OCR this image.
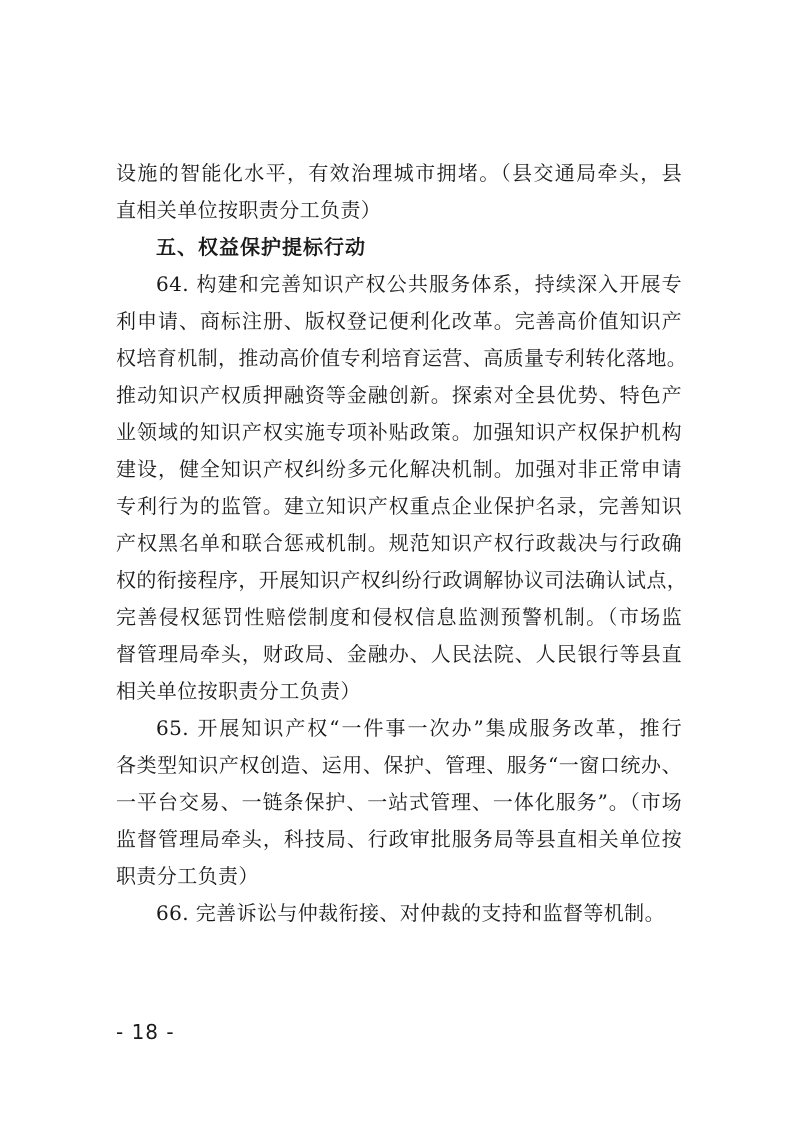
设施的智能化水平，有效治理城市拥堵。（县交通局牵头，县
直相关单位按职责分工负责）
五、权益保护提标行动
64. 构建和完善知识产权公共服务体系，持续深入开展专
利申请、商标注册、版权登记便利化改革。完善高价值知识产
权培育机制，推动高价值专利培育运营、高质量专利转化落地。
推动知识产权质押融资等金融创新。探索对全县优势、特色产
业领域的知识产权实施专项补贴政策。加强知识产权保护机构
建设，健全知识产权纠纷多元化解决机制。加强对非正常申请
专利行为的监管。建立知识产权重点企业保护名录，完善知识
产权黑名单和联合惩戒机制。规范知识产权行政裁决与行政确
权的衔接程序，开展知识产权纠纷行政调解协议司法确认试点，
完善侵权惩罚性赔偿制度和侵权信息监测预警机制。（市场监
督管理局牵头，财政局、金融办、人民法院、人民银行等县直
相关单位按职责分工负责）
65. 开展知识产权“一件事一次办”集成服务改革，推行
各类型知识产权创造、运用、保护、管理、服务“一窗口统办、
一平台交易、一链条保护、一站式管理、一体化服务”。（市场
监督管理局牵头，科技局、行政审批服务局等县直相关单位按
职责分工负责）
66. 完善诉讼与仲裁衔接、对仲裁的支持和监督等机制。
- 18 -
